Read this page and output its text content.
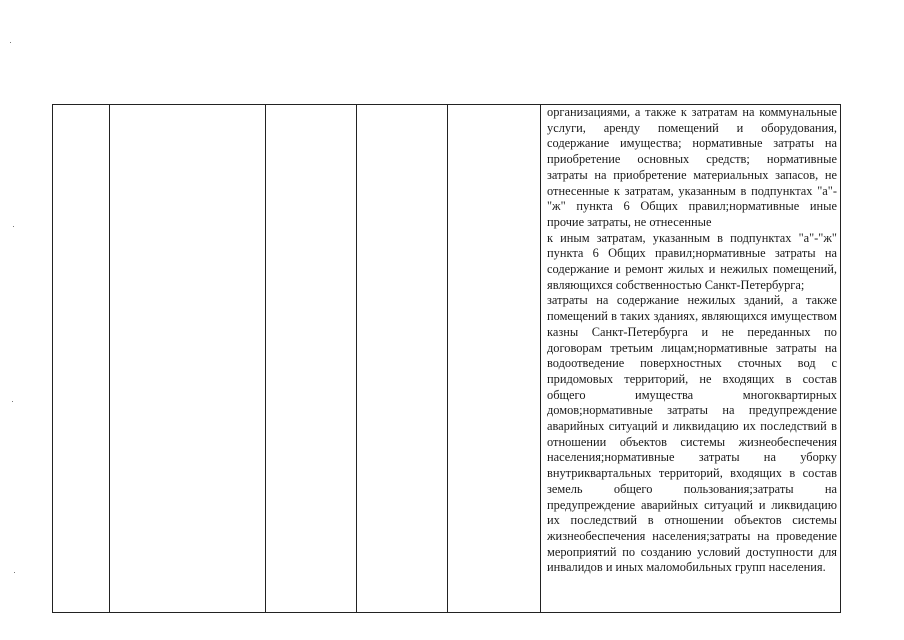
организациями, а также к затратам на коммунальные услуги, аренду помещений и оборудования, содержание имущества; нормативные затраты на приобретение основных средств; нормативные затраты на приобретение материальных запасов, не отнесенные к затратам, указанным в подпунктах "а"-"ж" пункта 6 Общих правил;нормативные иные прочие затраты, не отнесенные

к иным затратам, указанным в подпунктах "а"-"ж" пункта 6 Общих правил;нормативные затраты на содержание и ремонт жилых и нежилых помещений, являющихся собственностью Санкт-Петербурга;

затраты на содержание нежилых зданий, а также помещений в таких зданиях, являющихся имуществом казны Санкт-Петербурга и не переданных по договорам третьим лицам;нормативные затраты на водоотведение поверхностных сточных вод с придомовых территорий, не входящих в состав общего имущества многоквартирных домов;нормативные затраты на предупреждение аварийных ситуаций и ликвидацию их последствий в отношении объектов системы жизнеобеспечения населения;нормативные затраты на уборку внутриквартальных территорий, входящих в состав земель общего пользования;затраты на предупреждение аварийных ситуаций и ликвидацию их последствий в отношении объектов системы жизнеобеспечения населения;затраты на проведение мероприятий по созданию условий доступности для инвалидов и иных маломобильных групп населения.
